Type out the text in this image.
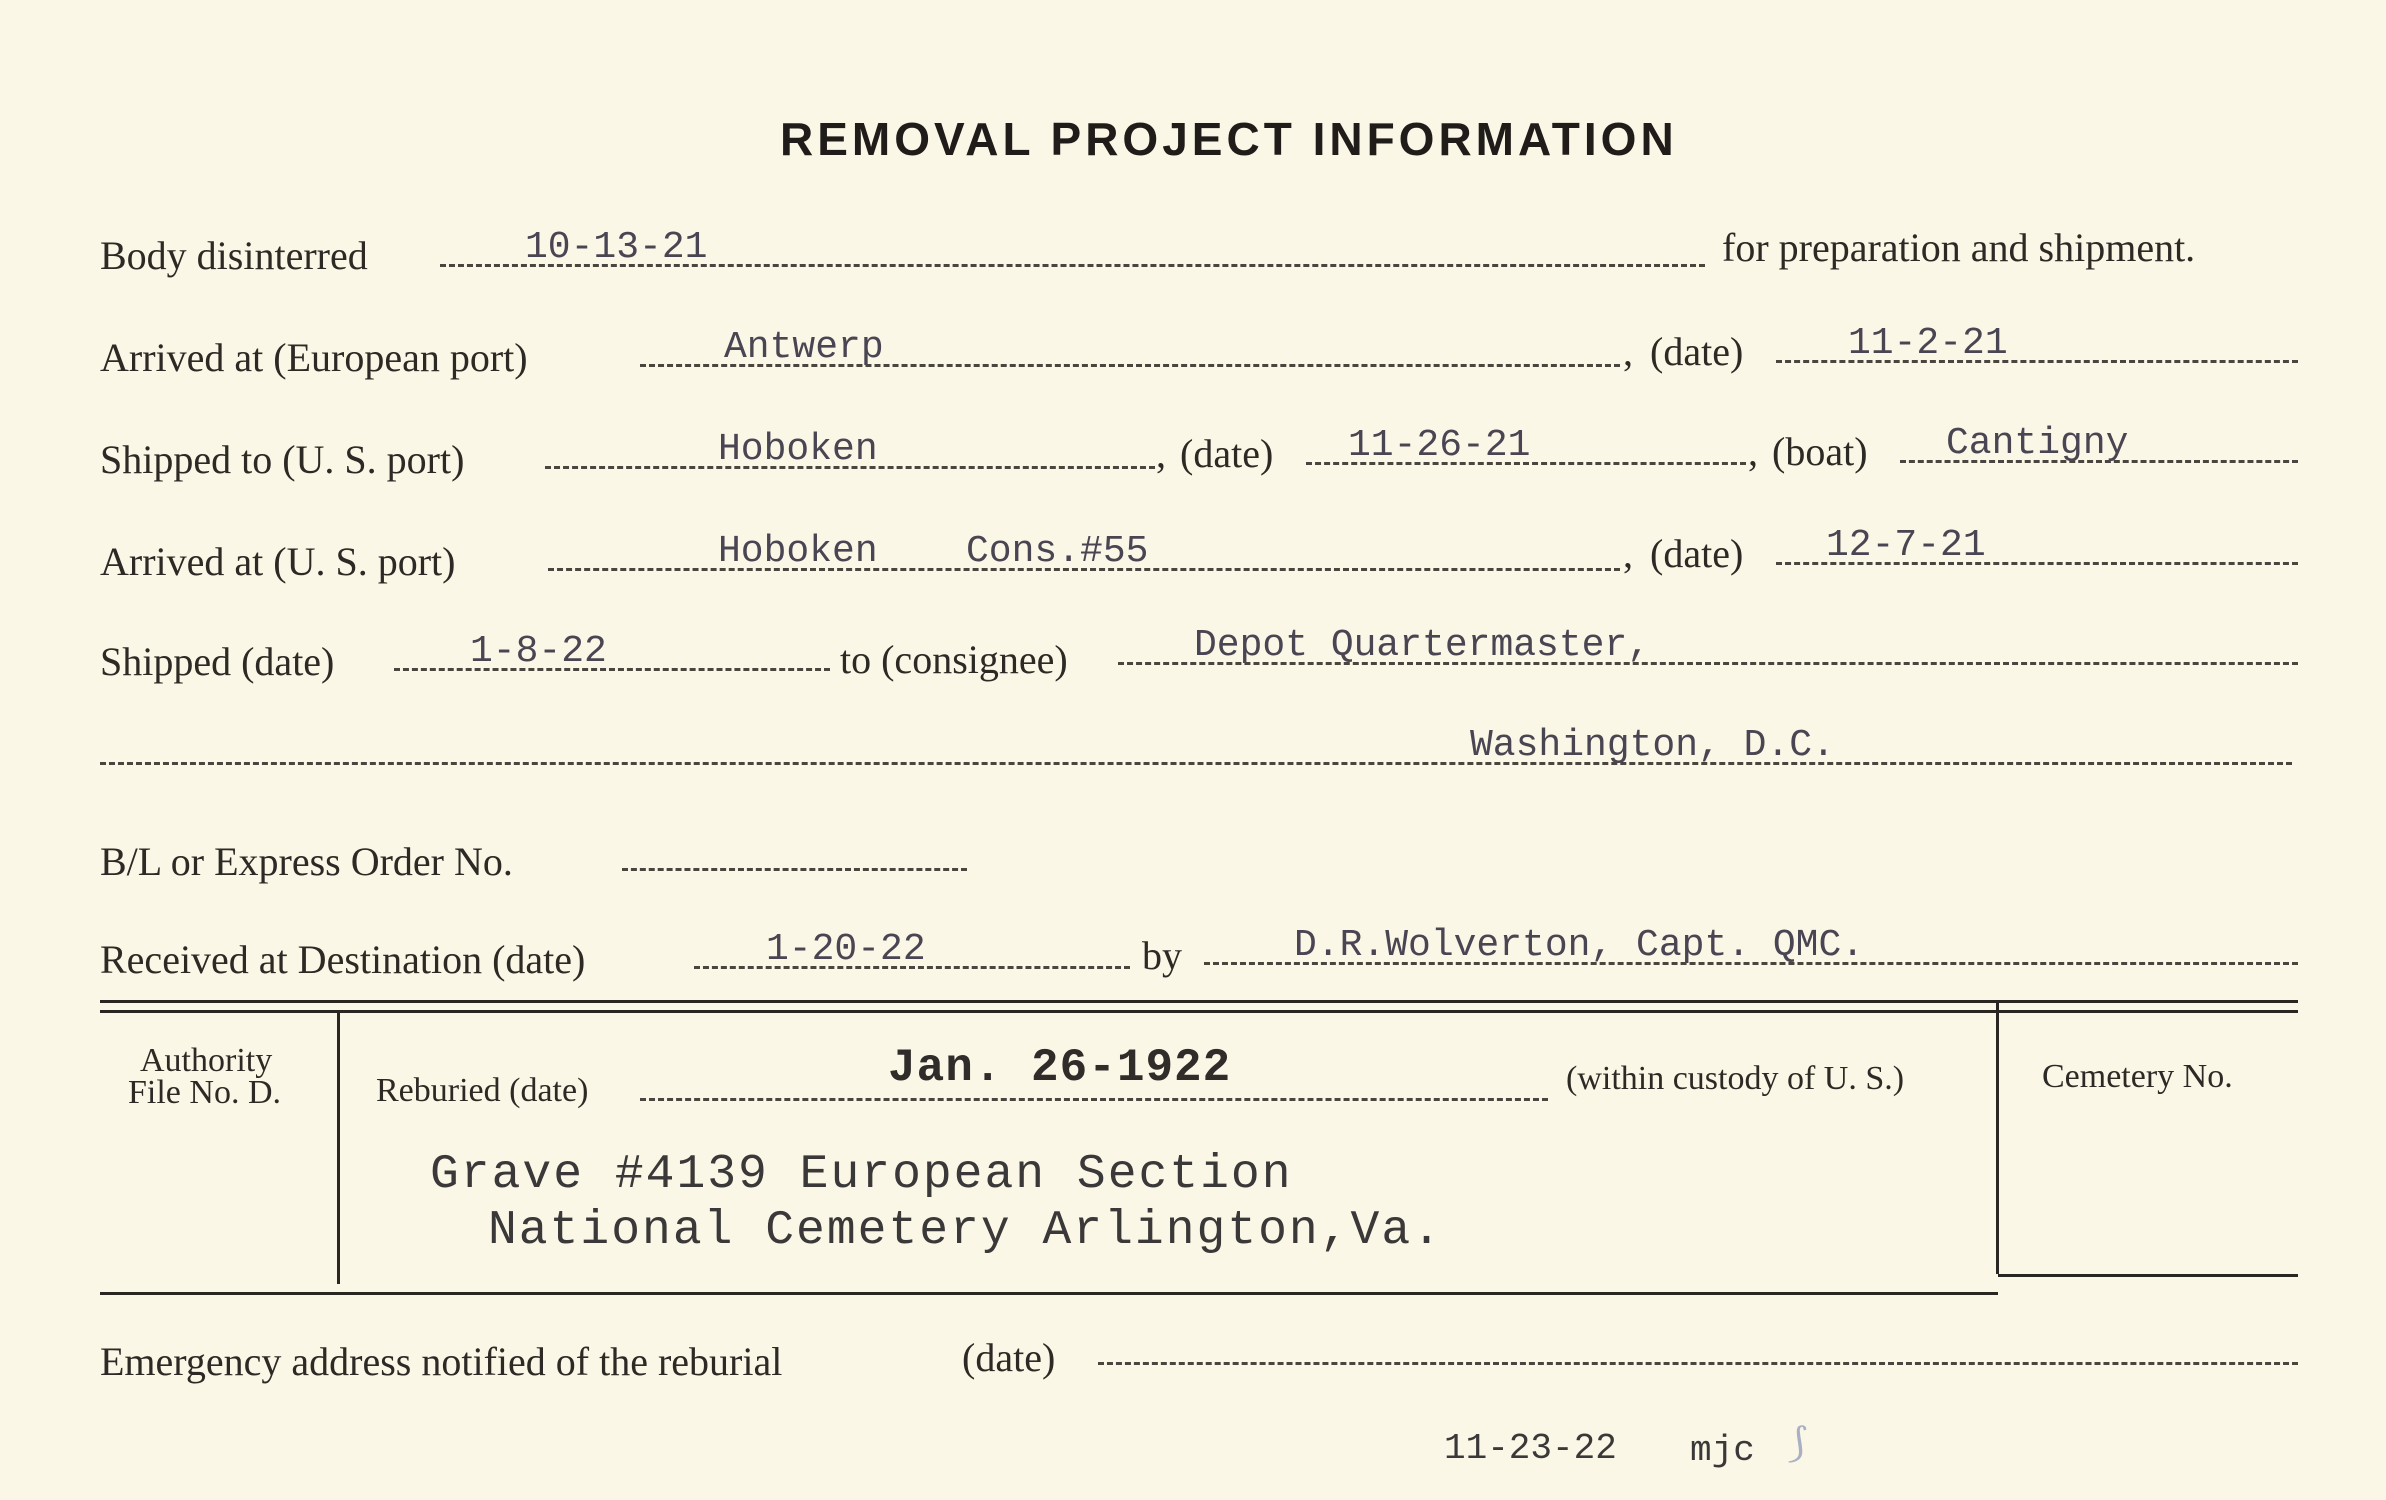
REMOVAL PROJECT INFORMATION
Body disinterred	10-13-21	for preparation and shipment.
Arrived at (European port)	Antwerp	, (date)	11-2-21
Shipped to (U. S. port)	Hoboken	, (date) 11-26-21	, (boat) Cantigny
Arrived at (U. S. port)	Hoboken Cons.#55	, (date) 12-7-21
Shipped (date)	1-8-22	to (consignee)	Depot Quartermaster,
Washington, D.C.
B/L or Express Order No.
Received at Destination (date)	1-20-22	by	D.R.Wolverton, Capt. QMC.
Authority
File No. D.	Reburied (date)	Jan. 26-1922	(within custody of U. S.)
Grave #4139 European Section
National Cemetery Arlington,Va.
Cemetery No.
Emergency address notified of the reburial	(date)
11-23-22 mjc ⟆
